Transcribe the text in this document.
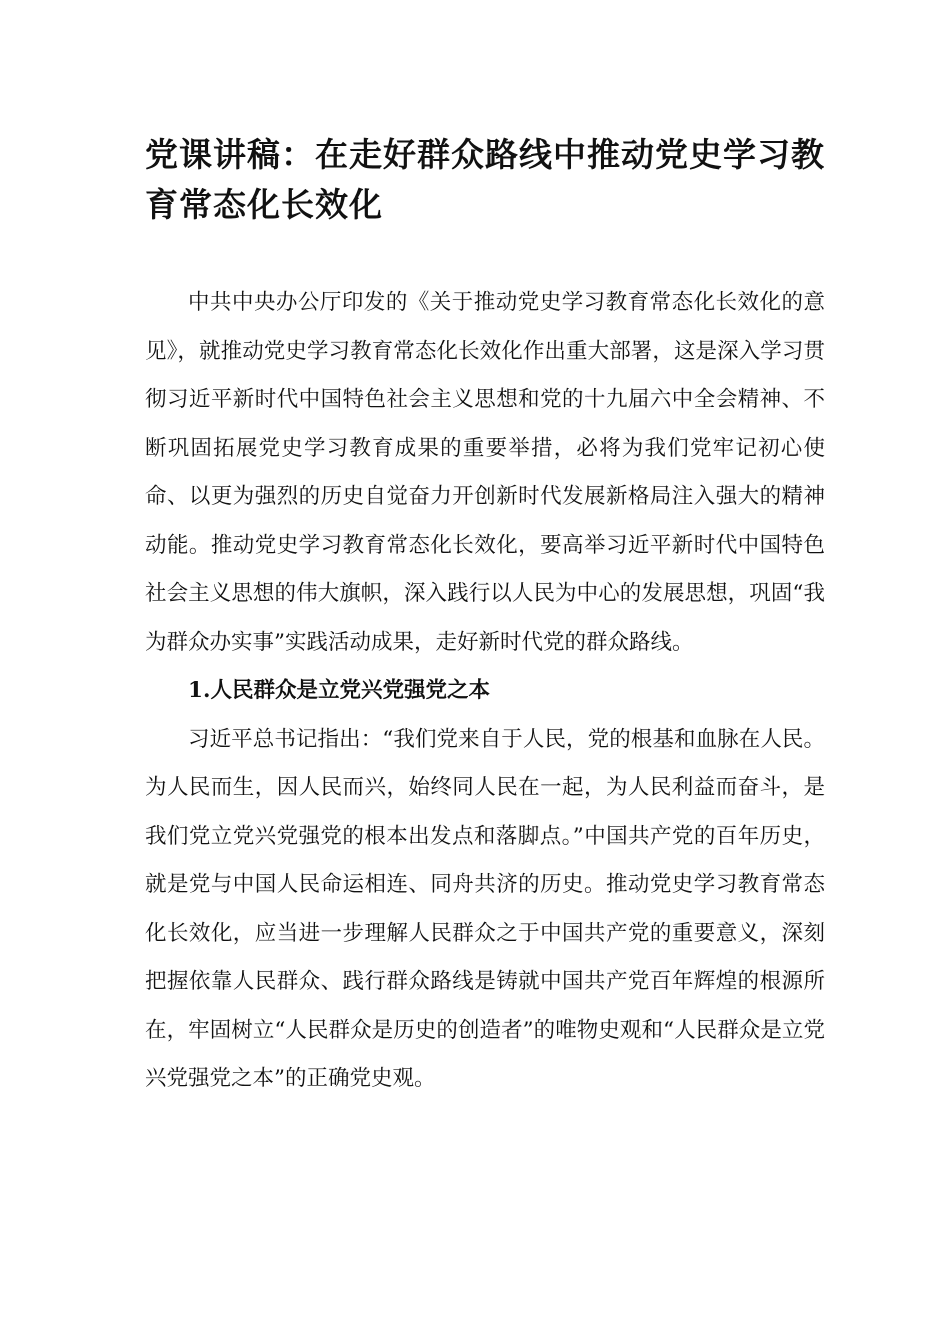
党课讲稿：在走好群众路线中推动党史学习教育常态化长效化

中共中央办公厅印发的《关于推动党史学习教育常态化长效化的意见》，就推动党史学习教育常态化长效化作出重大部署，这是深入学习贯彻习近平新时代中国特色社会主义思想和党的十九届六中全会精神、不断巩固拓展党史学习教育成果的重要举措，必将为我们党牢记初心使命、以更为强烈的历史自觉奋力开创新时代发展新格局注入强大的精神动能。推动党史学习教育常态化长效化，要高举习近平新时代中国特色社会主义思想的伟大旗帜，深入践行以人民为中心的发展思想，巩固“我为群众办实事”实践活动成果，走好新时代党的群众路线。

1.人民群众是立党兴党强党之本

习近平总书记指出：“我们党来自于人民，党的根基和血脉在人民。为人民而生，因人民而兴，始终同人民在一起，为人民利益而奋斗，是我们党立党兴党强党的根本出发点和落脚点。”中国共产党的百年历史，就是党与中国人民命运相连、同舟共济的历史。推动党史学习教育常态化长效化，应当进一步理解人民群众之于中国共产党的重要意义，深刻把握依靠人民群众、践行群众路线是铸就中国共产党百年辉煌的根源所在，牢固树立“人民群众是历史的创造者”的唯物史观和“人民群众是立党兴党强党之本”的正确党史观。
